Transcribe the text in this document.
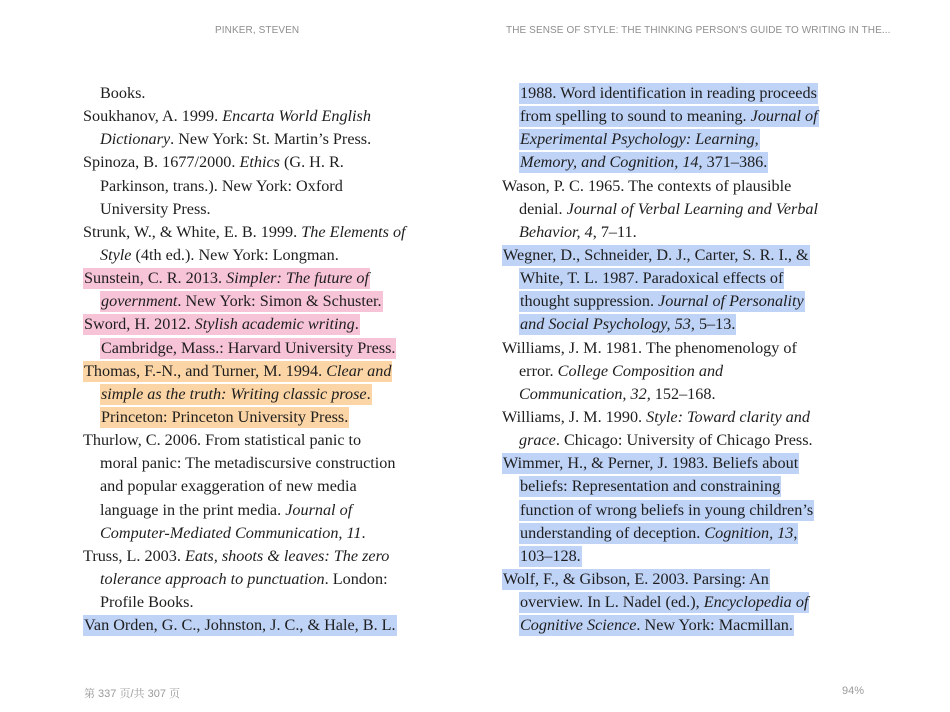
PINKER, STEVEN	THE SENSE OF STYLE: THE THINKING PERSON'S GUIDE TO WRITING IN THE...
Books.
Soukhanov, A. 1999. Encarta World English
Dictionary. New York: St. Martin’s Press.
Spinoza, B. 1677/2000. Ethics (G. H. R.
Parkinson, trans.). New York: Oxford
University Press.
Strunk, W., & White, E. B. 1999. The Elements of
Style (4th ed.). New York: Longman.
Sunstein, C. R. 2013. Simpler: The future of
government. New York: Simon & Schuster.
Sword, H. 2012. Stylish academic writing.
Cambridge, Mass.: Harvard University Press.
Thomas, F.-N., and Turner, M. 1994. Clear and
simple as the truth: Writing classic prose.
Princeton: Princeton University Press.
Thurlow, C. 2006. From statistical panic to
moral panic: The metadiscursive construction
and popular exaggeration of new media
language in the print media. Journal of
Computer-Mediated Communication, 11.
Truss, L. 2003. Eats, shoots & leaves: The zero
tolerance approach to punctuation. London:
Profile Books.
Van Orden, G. C., Johnston, J. C., & Hale, B. L.
1988. Word identification in reading proceeds
from spelling to sound to meaning. Journal of
Experimental Psychology: Learning,
Memory, and Cognition, 14, 371–386.
Wason, P. C. 1965. The contexts of plausible
denial. Journal of Verbal Learning and Verbal
Behavior, 4, 7–11.
Wegner, D., Schneider, D. J., Carter, S. R. I., &
White, T. L. 1987. Paradoxical effects of
thought suppression. Journal of Personality
and Social Psychology, 53, 5–13.
Williams, J. M. 1981. The phenomenology of
error. College Composition and
Communication, 32, 152–168.
Williams, J. M. 1990. Style: Toward clarity and
grace. Chicago: University of Chicago Press.
Wimmer, H., & Perner, J. 1983. Beliefs about
beliefs: Representation and constraining
function of wrong beliefs in young children’s
understanding of deception. Cognition, 13,
103–128.
Wolf, F., & Gibson, E. 2003. Parsing: An
overview. In L. Nadel (ed.), Encyclopedia of
Cognitive Science. New York: Macmillan.
第 337 页/共 307 页	94%
